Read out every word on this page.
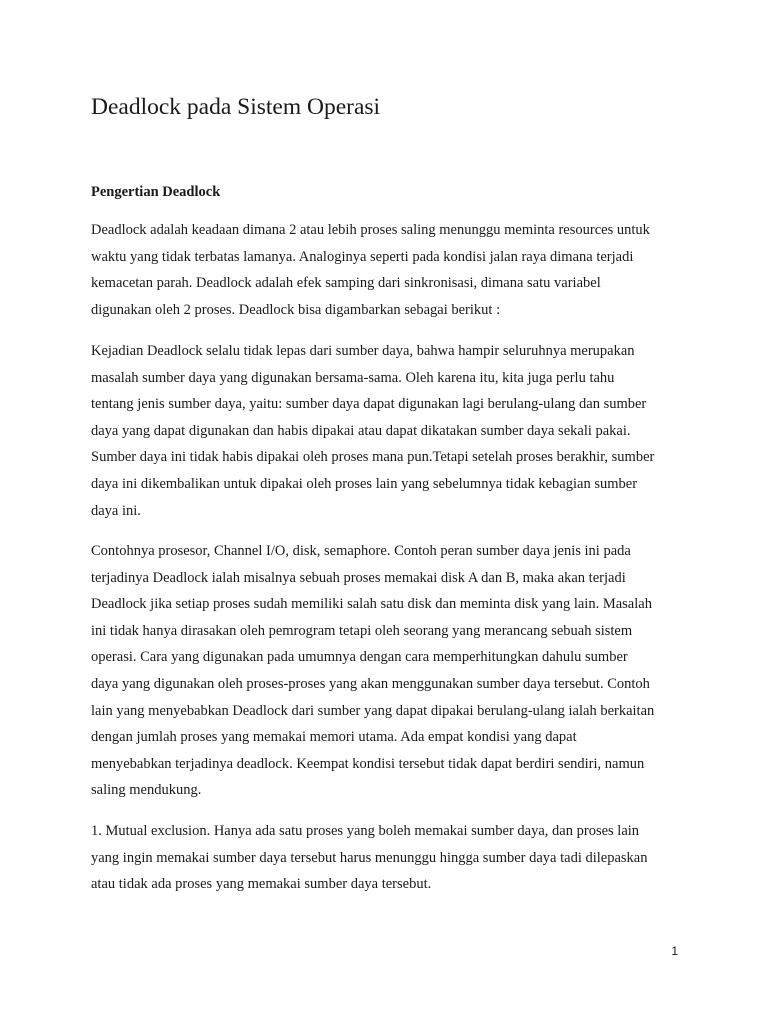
Deadlock pada Sistem Operasi
Pengertian Deadlock

Deadlock adalah keadaan dimana 2 atau lebih proses saling menunggu meminta resources untuk
waktu yang tidak terbatas lamanya. Analoginya seperti pada kondisi jalan raya dimana terjadi
kemacetan parah. Deadlock adalah efek samping dari sinkronisasi, dimana satu variabel
digunakan oleh 2 proses. Deadlock bisa digambarkan sebagai berikut :

Kejadian Deadlock selalu tidak lepas dari sumber daya, bahwa hampir seluruhnya merupakan
masalah sumber daya yang digunakan bersama-sama. Oleh karena itu, kita juga perlu tahu
tentang jenis sumber daya, yaitu: sumber daya dapat digunakan lagi berulang-ulang dan sumber
daya yang dapat digunakan dan habis dipakai atau dapat dikatakan sumber daya sekali pakai.
Sumber daya ini tidak habis dipakai oleh proses mana pun.Tetapi setelah proses berakhir, sumber
daya ini dikembalikan untuk dipakai oleh proses lain yang sebelumnya tidak kebagian sumber
daya ini.

Contohnya prosesor, Channel I/O, disk, semaphore. Contoh peran sumber daya jenis ini pada
terjadinya Deadlock ialah misalnya sebuah proses memakai disk A dan B, maka akan terjadi
Deadlock jika setiap proses sudah memiliki salah satu disk dan meminta disk yang lain. Masalah
ini tidak hanya dirasakan oleh pemrogram tetapi oleh seorang yang merancang sebuah sistem
operasi. Cara yang digunakan pada umumnya dengan cara memperhitungkan dahulu sumber
daya yang digunakan oleh proses-proses yang akan menggunakan sumber daya tersebut. Contoh
lain yang menyebabkan Deadlock dari sumber yang dapat dipakai berulang-ulang ialah berkaitan
dengan jumlah proses yang memakai memori utama. Ada empat kondisi yang dapat
menyebabkan terjadinya deadlock. Keempat kondisi tersebut tidak dapat berdiri sendiri, namun
saling mendukung.

1. Mutual exclusion. Hanya ada satu proses yang boleh memakai sumber daya, dan proses lain
yang ingin memakai sumber daya tersebut harus menunggu hingga sumber daya tadi dilepaskan
atau tidak ada proses yang memakai sumber daya tersebut.

1
